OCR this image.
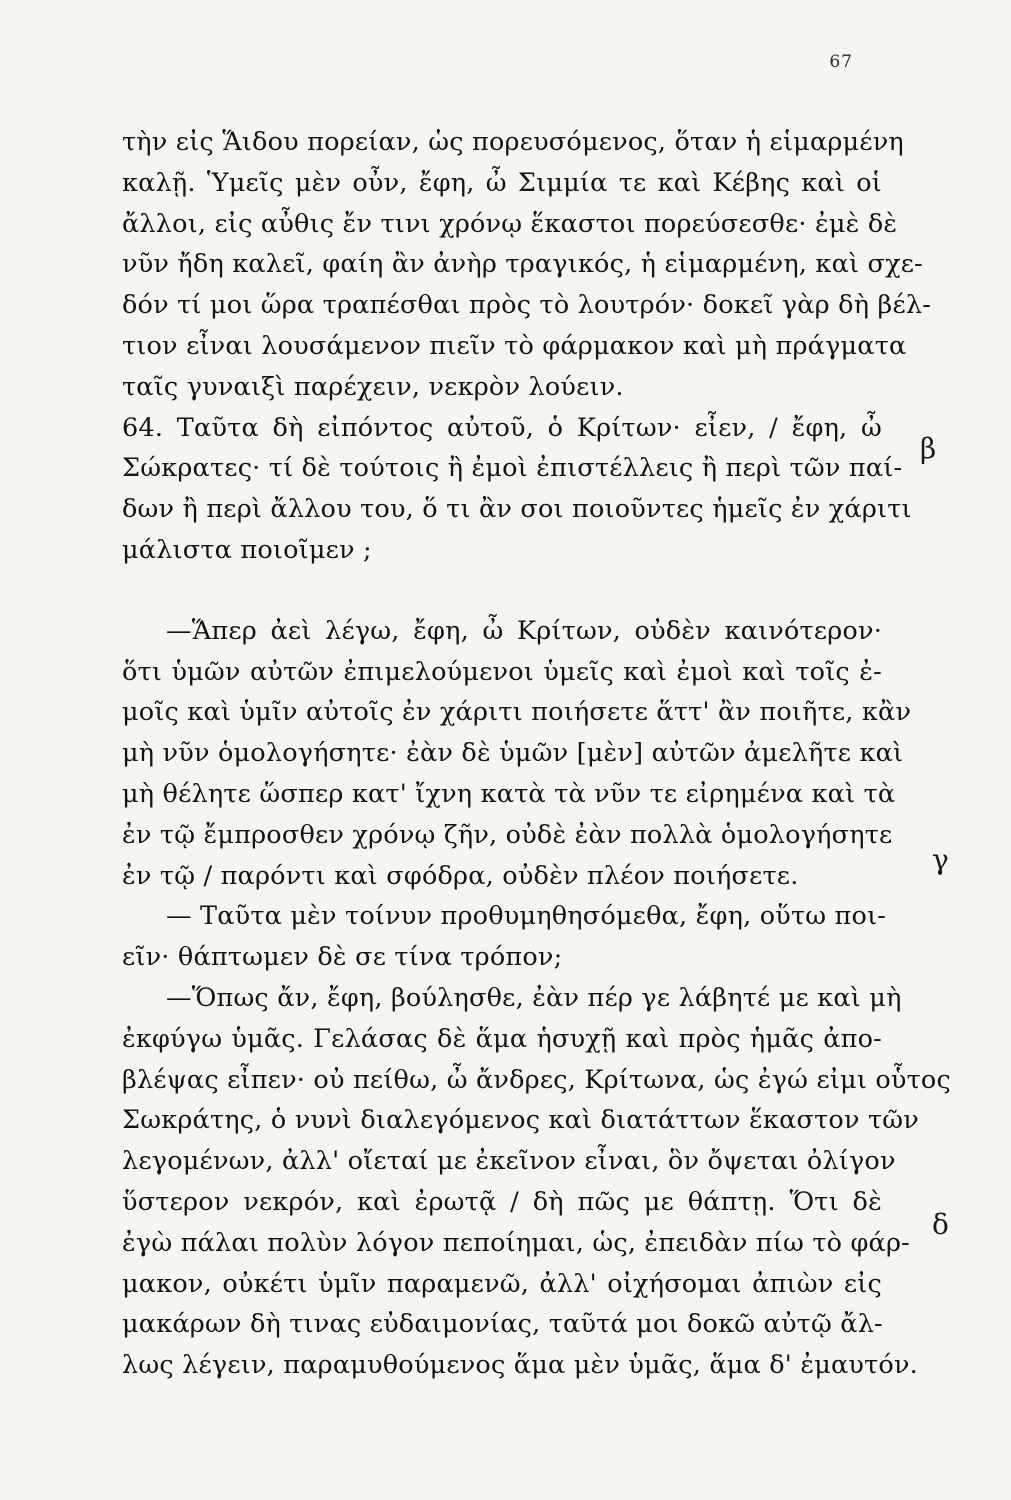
67
τὴν εἰς Ἅιδου πορείαν, ὡς πορευσόμενος, ὅταν ἡ εἱμαρμένη
καλῇ. Ὑμεῖς μὲν οὖν, ἔφη, ὦ Σιμμία τε καὶ Κέβης καὶ οἱ
ἄλλοι, εἰς αὖθις ἔν τινι χρόνῳ ἕκαστοι πορεύσεσθε· ἐμὲ δὲ
νῦν ἤδη καλεῖ, φαίη ἂν ἀνὴρ τραγικός, ἡ εἱμαρμένη, καὶ σχε-
δόν τί μοι ὥρα τραπέσθαι πρὸς τὸ λουτρόν· δοκεῖ γὰρ δὴ βέλ-
τιον εἶναι λουσάμενον πιεῖν τὸ φάρμακον καὶ μὴ πράγματα
ταῖς γυναιξὶ παρέχειν, νεκρὸν λούειν.
64. Ταῦτα δὴ εἰπόντος αὐτοῦ, ὁ Κρίτων· εἶεν, / ἔφη, ὦ
Σώκρατες· τί δὲ τούτοις ἢ ἐμοὶ ἐπιστέλλεις ἢ περὶ τῶν παί-
δων ἢ περὶ ἄλλου του, ὅ τι ἂν σοι ποιοῦντες ἡμεῖς ἐν χάριτι
μάλιστα ποιοῖμεν ;
—Ἅπερ ἀεὶ λέγω, ἔφη, ὦ Κρίτων, οὐδὲν καινότερον·
ὅτι ὑμῶν αὐτῶν ἐπιμελούμενοι ὑμεῖς καὶ ἐμοὶ καὶ τοῖς ἐ-
μοῖς καὶ ὑμῖν αὐτοῖς ἐν χάριτι ποιήσετε ἅττ' ἂν ποιῆτε, κἂν
μὴ νῦν ὁμολογήσητε· ἐὰν δὲ ὑμῶν [μὲν] αὐτῶν ἀμελῆτε καὶ
μὴ θέλητε ὥσπερ κατ' ἴχνη κατὰ τὰ νῦν τε εἰρημένα καὶ τὰ
ἐν τῷ ἔμπροσθεν χρόνῳ ζῆν, οὐδὲ ἐὰν πολλὰ ὁμολογήσητε
ἐν τῷ / παρόντι καὶ σφόδρα, οὐδὲν πλέον ποιήσετε.
— Ταῦτα μὲν τοίνυν προθυμηθησόμεθα, ἔφη, οὕτω ποι-
εῖν· θάπτωμεν δὲ σε τίνα τρόπον;
—Ὅπως ἄν, ἔφη, βούλησθε, ἐὰν πέρ γε λάβητέ με καὶ μὴ
ἐκφύγω ὑμᾶς. Γελάσας δὲ ἅμα ἡσυχῇ καὶ πρὸς ἡμᾶς ἀπο-
βλέψας εἶπεν· οὐ πείθω, ὦ ἄνδρες, Κρίτωνα, ὡς ἐγώ εἰμι οὗτος
Σωκράτης, ὁ νυνὶ διαλεγόμενος καὶ διατάττων ἕκαστον τῶν
λεγομένων, ἀλλ' οἴεταί με ἐκεῖνον εἶναι, ὃν ὄψεται ὀλίγον
ὕστερον νεκρόν, καὶ ἐρωτᾷ / δὴ πῶς με θάπτῃ. Ὅτι δὲ
ἐγὼ πάλαι πολὺν λόγον πεποίημαι, ὡς, ἐπειδὰν πίω τὸ φάρ-
μακον, οὐκέτι ὑμῖν παραμενῶ, ἀλλ' οἰχήσομαι ἀπιὼν εἰς
μακάρων δὴ τινας εὐδαιμονίας, ταῦτά μοι δοκῶ αὐτῷ ἄλ-
λως λέγειν, παραμυθούμενος ἅμα μὲν ὑμᾶς, ἅμα δ' ἐμαυτόν.
β
γ
δ
